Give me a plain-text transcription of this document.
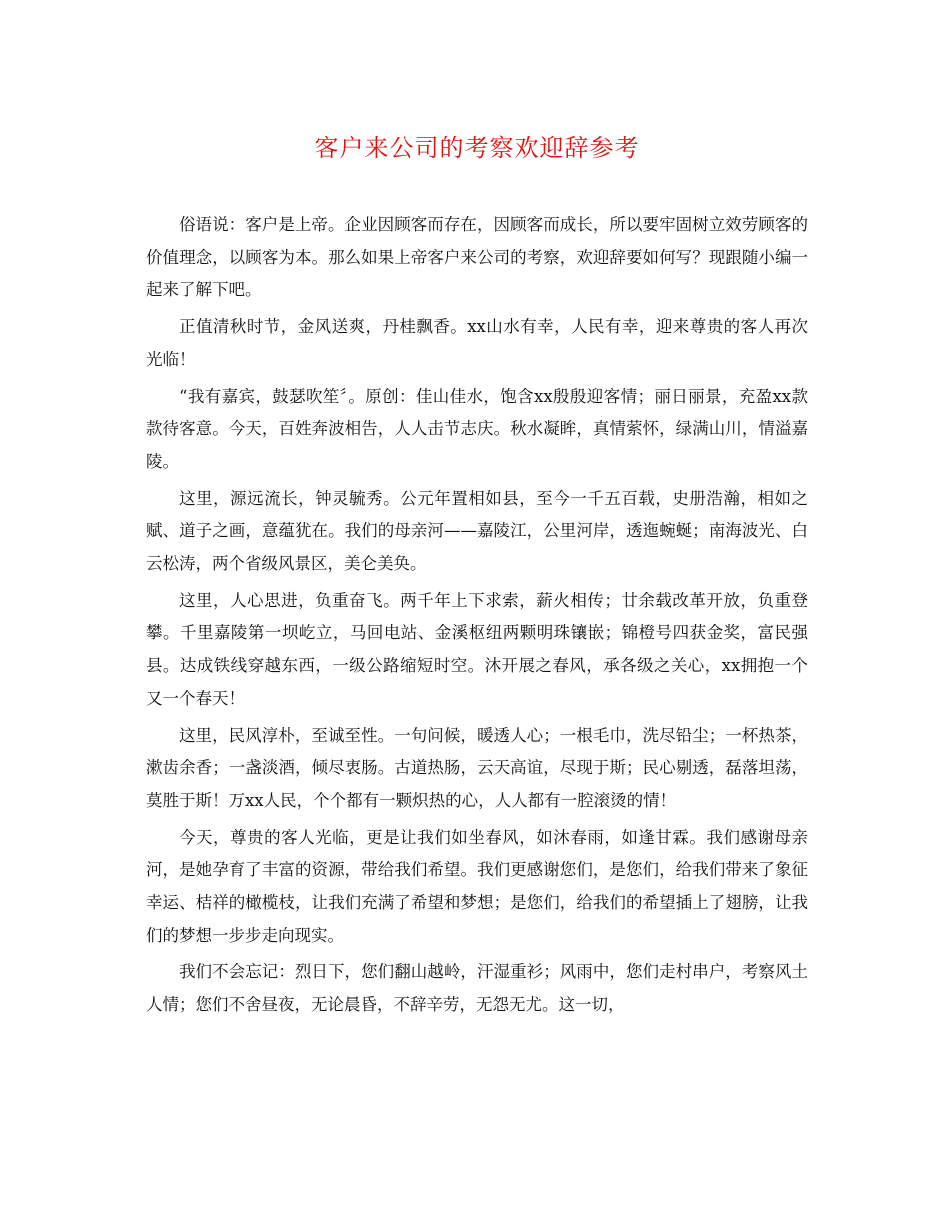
客户来公司的考察欢迎辞参考

俗语说：客户是上帝。企业因顾客而存在，因顾客而成长，所以要牢固树立效劳顾客的价值理念，以顾客为本。那么如果上帝客户来公司的考察，欢迎辞要如何写？现跟随小编一起来了解下吧。

正值清秋时节，金风送爽，丹桂飘香。xx山水有幸，人民有幸，迎来尊贵的客人再次光临！

“我有嘉宾，鼓瑟吹笙〞。原创：佳山佳水，饱含xx殷殷迎客情；丽日丽景，充盈xx款款待客意。今天，百姓奔波相告，人人击节志庆。秋水凝眸，真情萦怀，绿满山川，情溢嘉陵。

这里，源远流长，钟灵毓秀。公元年置相如县，至今一千五百载，史册浩瀚，相如之赋、道子之画，意蕴犹在。我们的母亲河——嘉陵江，公里河岸，透迤蜿蜒；南海波光、白云松涛，两个省级风景区，美仑美奂。

这里，人心思进，负重奋飞。两千年上下求索，薪火相传；廿余载改革开放，负重登攀。千里嘉陵第一坝屹立，马回电站、金溪枢纽两颗明珠镶嵌；锦橙号四获金奖，富民强县。达成铁线穿越东西，一级公路缩短时空。沐开展之春风，承各级之关心，xx拥抱一个又一个春天！

这里，民风淳朴，至诚至性。一句问候，暖透人心；一根毛巾，洗尽铅尘；一杯热茶，漱齿余香；一盏淡酒，倾尽衷肠。古道热肠，云天高谊，尽现于斯；民心剔透，磊落坦荡，莫胜于斯！万xx人民，个个都有一颗炽热的心，人人都有一腔滚烫的情！

今天，尊贵的客人光临，更是让我们如坐春风，如沐春雨，如逢甘霖。我们感谢母亲河，是她孕育了丰富的资源，带给我们希望。我们更感谢您们，是您们，给我们带来了象征幸运、桔祥的橄榄枝，让我们充满了希望和梦想；是您们，给我们的希望插上了翅膀，让我们的梦想一步步走向现实。

我们不会忘记：烈日下，您们翻山越岭，汗湿重衫；风雨中，您们走村串户，考察风土人情；您们不舍昼夜，无论晨昏，不辞辛劳，无怨无尤。这一切，
